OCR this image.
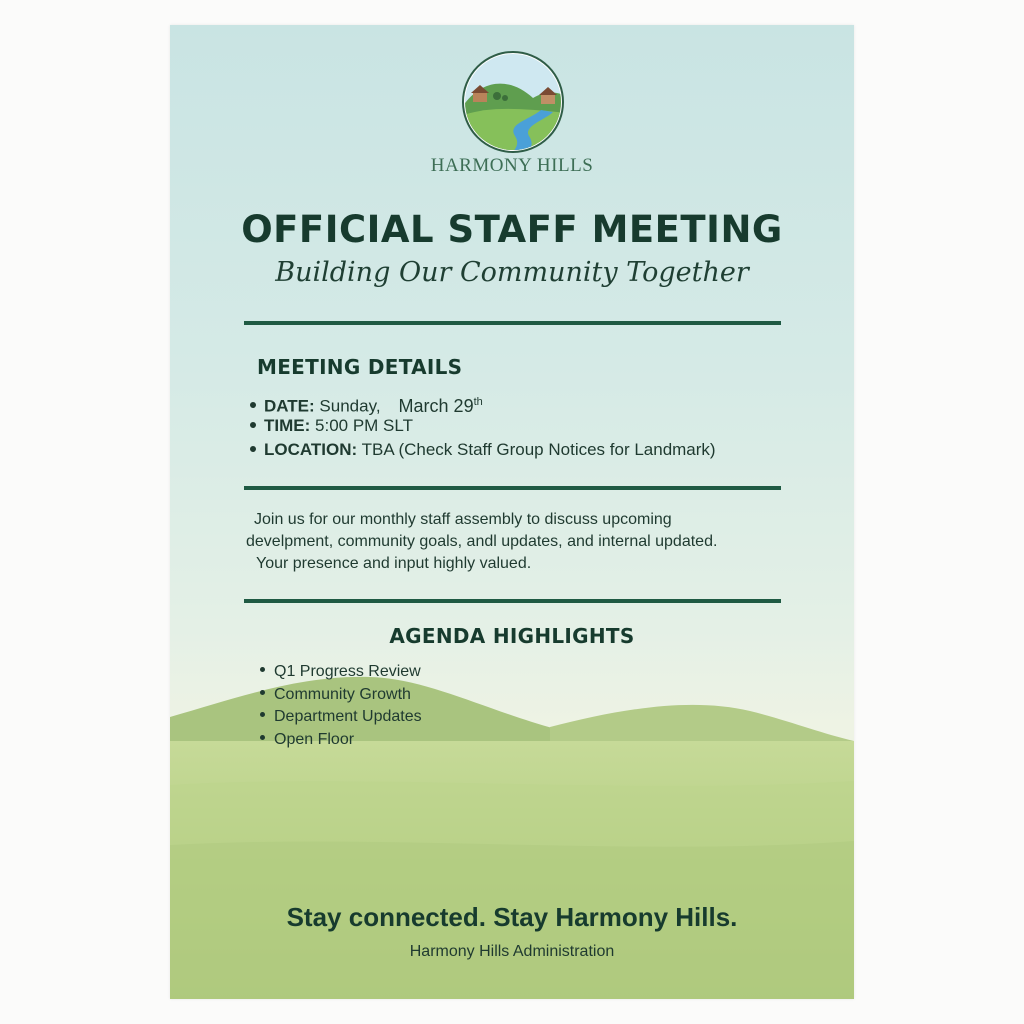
HARMONY HILLS
OFFICIAL STAFF MEETING
Building Our Community Together
MEETING DETAILS
DATE: Sunday, March 29th
TIME: 5:00 PM SLT
LOCATION: TBA (Check Staff Group Notices for Landmark)
Join us for our monthly staff assembly to discuss upcoming
develpment, community goals, andl updates, and internal updated.
Your presence and input highly valued.
AGENDA HIGHLIGHTS
Q1 Progress Review
Community Growth
Department Updates
Open Floor
Stay connected. Stay Harmony Hills.
Harmony Hills Administration
